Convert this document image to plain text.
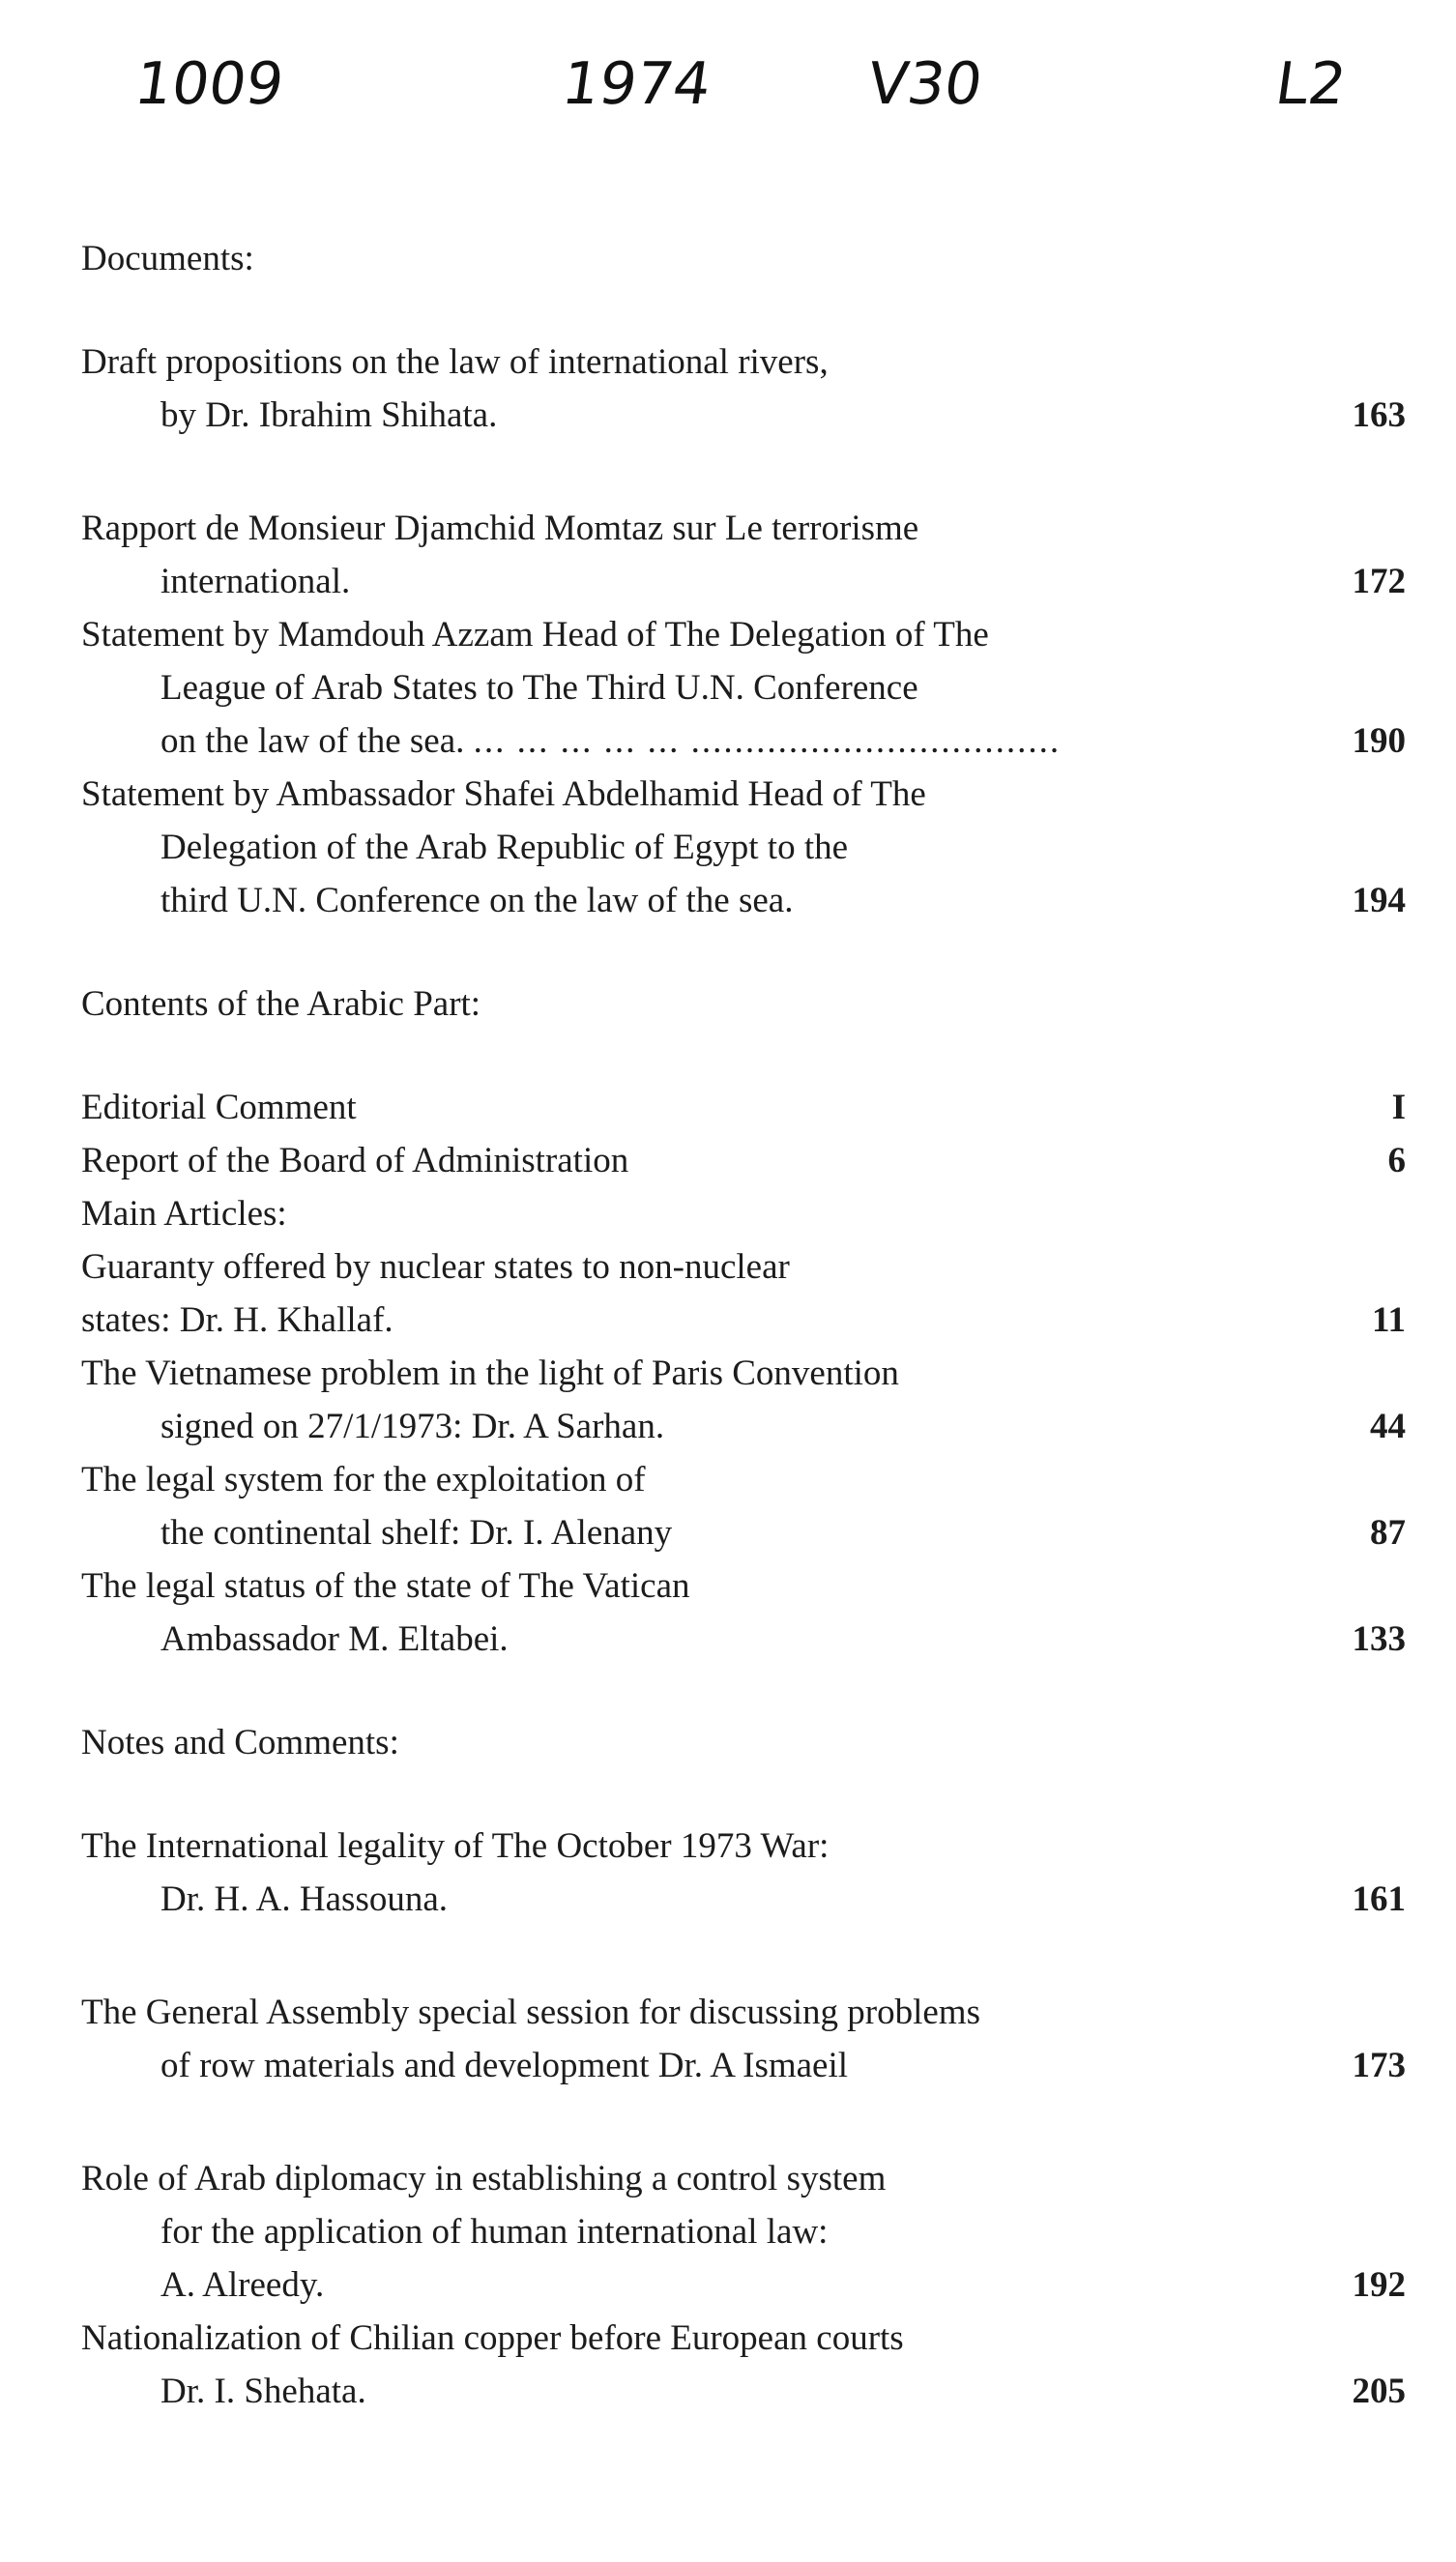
1009	1974	V30	L2
Documents:
Draft propositions on the law of international rivers,
by Dr. Ibrahim Shihata.	163
Rapport de Monsieur Djamchid Momtaz sur Le terrorisme
international.	172
Statement by Mamdouh Azzam Head of The Delegation of The
League of Arab States to The Third U.N. Conference
on the law of the sea. ... ... ... ... ... ..................................	190
Statement by Ambassador Shafei Abdelhamid Head of The
Delegation of the Arab Republic of Egypt to the
third U.N. Conference on the law of the sea.	194
Contents of the Arabic Part:
Editorial Comment	I
Report of the Board of Administration	6
Main Articles:
Guaranty offered by nuclear states to non-nuclear
states: Dr. H. Khallaf.	11
The Vietnamese problem in the light of Paris Convention
signed on 27/1/1973: Dr. A Sarhan.	44
The legal system for the exploitation of
the continental shelf: Dr. I. Alenany	87
The legal status of the state of The Vatican
Ambassador M. Eltabei.	133
Notes and Comments:
The International legality of The October 1973 War:
Dr. H. A. Hassouna.	161
The General Assembly special session for discussing problems
of row materials and development Dr. A Ismaeil	173
Role of Arab diplomacy in establishing a control system
for the application of human international law:
A. Alreedy.	192
Nationalization of Chilian copper before European courts
Dr. I. Shehata.	205
